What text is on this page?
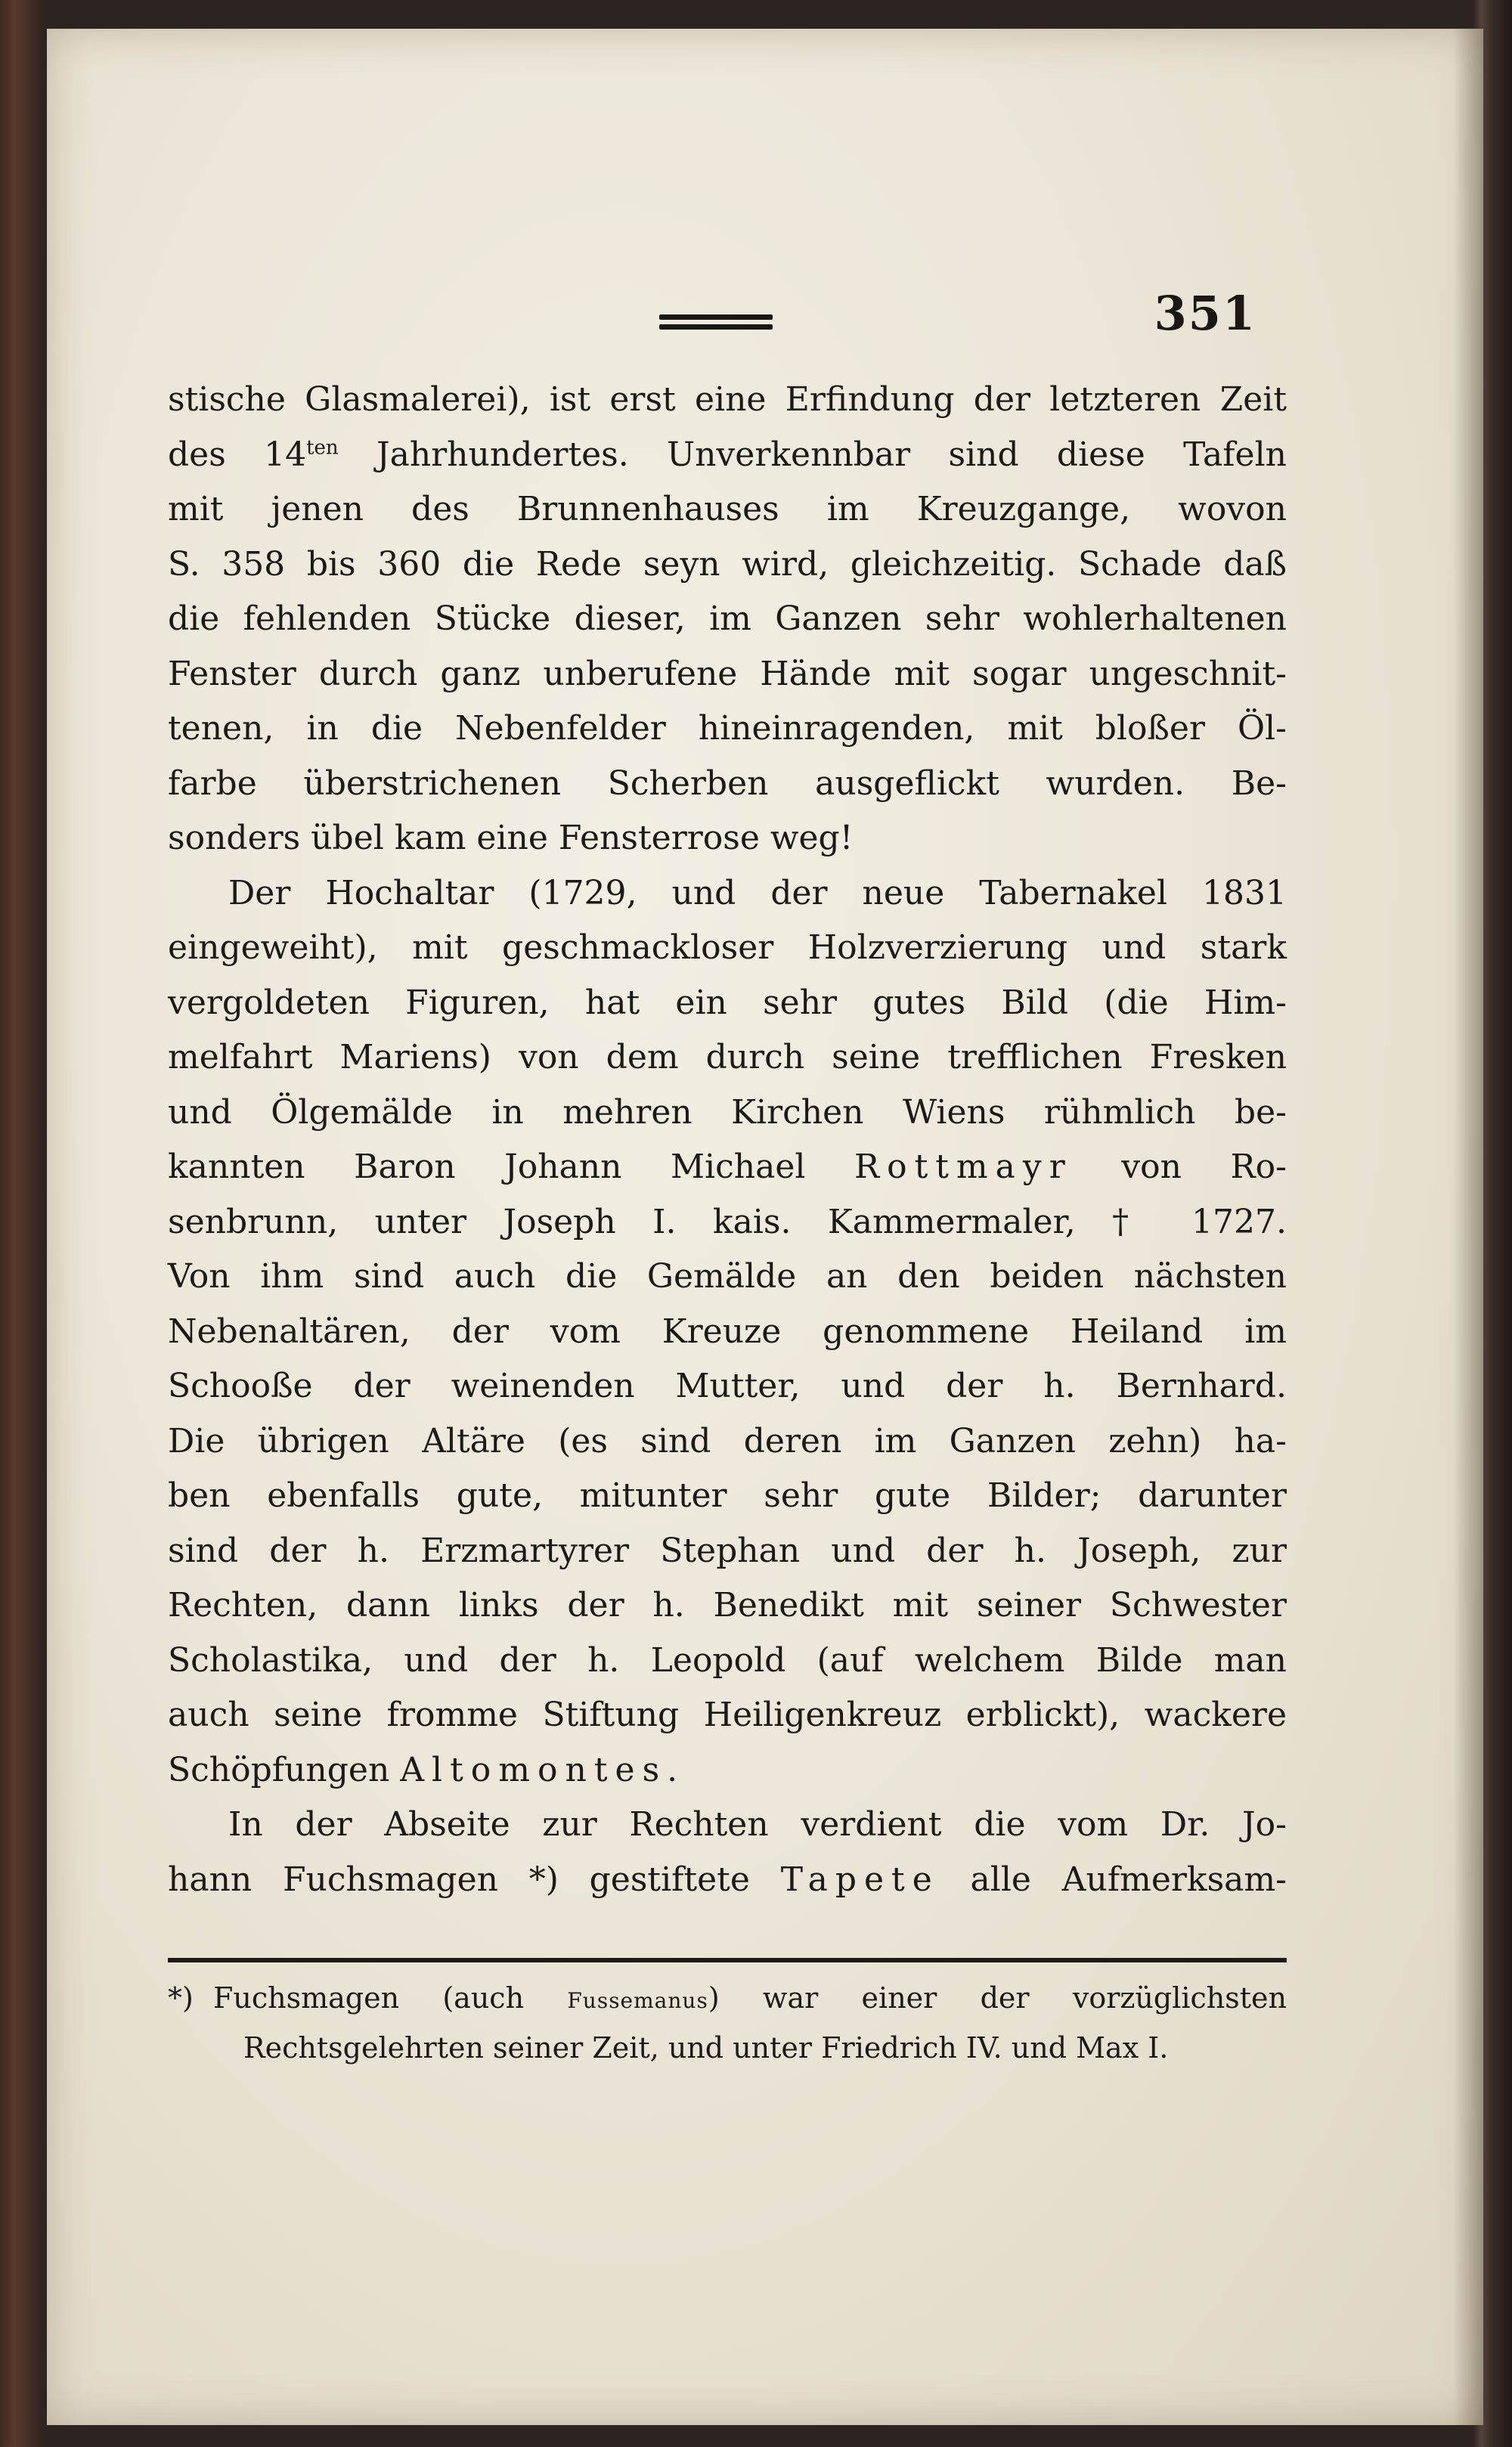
351
stische Glasmalerei), ist erst eine Erfindung der letzteren Zeit
des $14^{ten}$ Jahrhundertes. Unverkennbar sind diese Tafeln
mit jenen des Brunnenhauses im Kreuzgange, wovon
S. 358 bis 360 die Rede seyn wird, gleichzeitig. Schade daß
die fehlenden Stücke dieser, im Ganzen sehr wohlerhaltenen
Fenster durch ganz unberufene Hände mit sogar ungeschnit-
tenen, in die Nebenfelder hineinragenden, mit bloßer Öl-
farbe überstrichenen Scherben ausgeflickt wurden. Be-
sonders übel kam eine Fensterrose weg!
Der Hochaltar (1729, und der neue Tabernakel 1831
eingeweiht), mit geschmackloser Holzverzierung und stark
vergoldeten Figuren, hat ein sehr gutes Bild (die Him-
melfahrt Mariens) von dem durch seine trefflichen Fresken
und Ölgemälde in mehren Kirchen Wiens rühmlich be-
kannten Baron Johann Michael Rottmayr von Ro-
senbrunn, unter Joseph I. kais. Kammermaler, † 1727.
Von ihm sind auch die Gemälde an den beiden nächsten
Nebenaltären, der vom Kreuze genommene Heiland im
Schooße der weinenden Mutter, und der h. Bernhard.
Die übrigen Altäre (es sind deren im Ganzen zehn) ha-
ben ebenfalls gute, mitunter sehr gute Bilder; darunter
sind der h. Erzmartyrer Stephan und der h. Joseph, zur
Rechten, dann links der h. Benedikt mit seiner Schwester
Scholastika, und der h. Leopold (auf welchem Bilde man
auch seine fromme Stiftung Heiligenkreuz erblickt), wackere
Schöpfungen Altomontes.
In der Abseite zur Rechten verdient die vom Dr. Jo-
hann Fuchsmagen *) gestiftete Tapete alle Aufmerksam-
*) Fuchsmagen (auch Fussemanus) war einer der vorzüglichsten
Rechtsgelehrten seiner Zeit, und unter Friedrich IV. und Max I.
